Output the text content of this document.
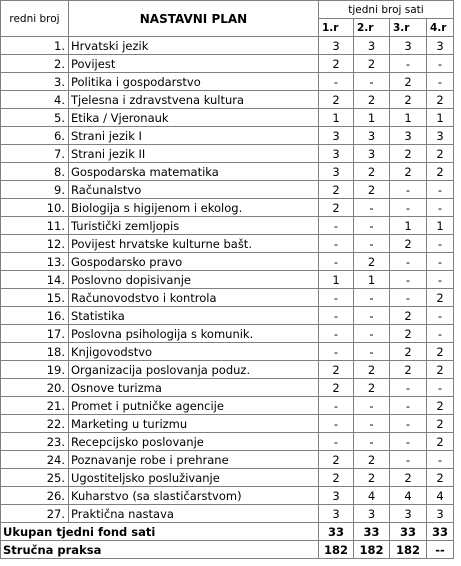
redni broj	NASTAVNI PLAN	tjedni broj sati			
		1.r	2.r	3.r	4.r
1.	Hrvatski jezik	3	3	3	3
2.	Povijest	2	2	-	-
3.	Politika i gospodarstvo	-	-	2	-
4.	Tjelesna i zdravstvena kultura	2	2	2	2
5.	Etika / Vjeronauk	1	1	1	1
6.	Strani jezik I	3	3	3	3
7.	Strani jezik II	3	3	2	2
8.	Gospodarska matematika	3	2	2	2
9.	Računalstvo	2	2	-	-
10.	Biologija s higijenom i ekolog.	2	-	-	-
11.	Turistički zemljopis	-	-	1	1
12.	Povijest hrvatske kulturne bašt.	-	-	2	-
13.	Gospodarsko pravo	-	2	-	-
14.	Poslovno dopisivanje	1	1	-	-
15.	Računovodstvo i kontrola	-	-	-	2
16.	Statistika	-	-	2	-
17.	Poslovna psihologija s komunik.	-	-	2	-
18.	Knjigovodstvo	-	-	2	2
19.	Organizacija poslovanja poduz.	2	2	2	2
20.	Osnove turizma	2	2	-	-
21.	Promet i putničke agencije	-	-	-	2
22.	Marketing u turizmu	-	-	-	2
23.	Recepcijsko poslovanje	-	-	-	2
24.	Poznavanje robe i prehrane	2	2	-	-
25.	Ugostiteljsko posluživanje	2	2	2	2
26.	Kuharstvo (sa slastičarstvom)	3	4	4	4
27.	Praktična nastava	3	3	3	3
Ukupan tjedni fond sati		33	33	33	33
Stručna praksa		182	182	182	--
